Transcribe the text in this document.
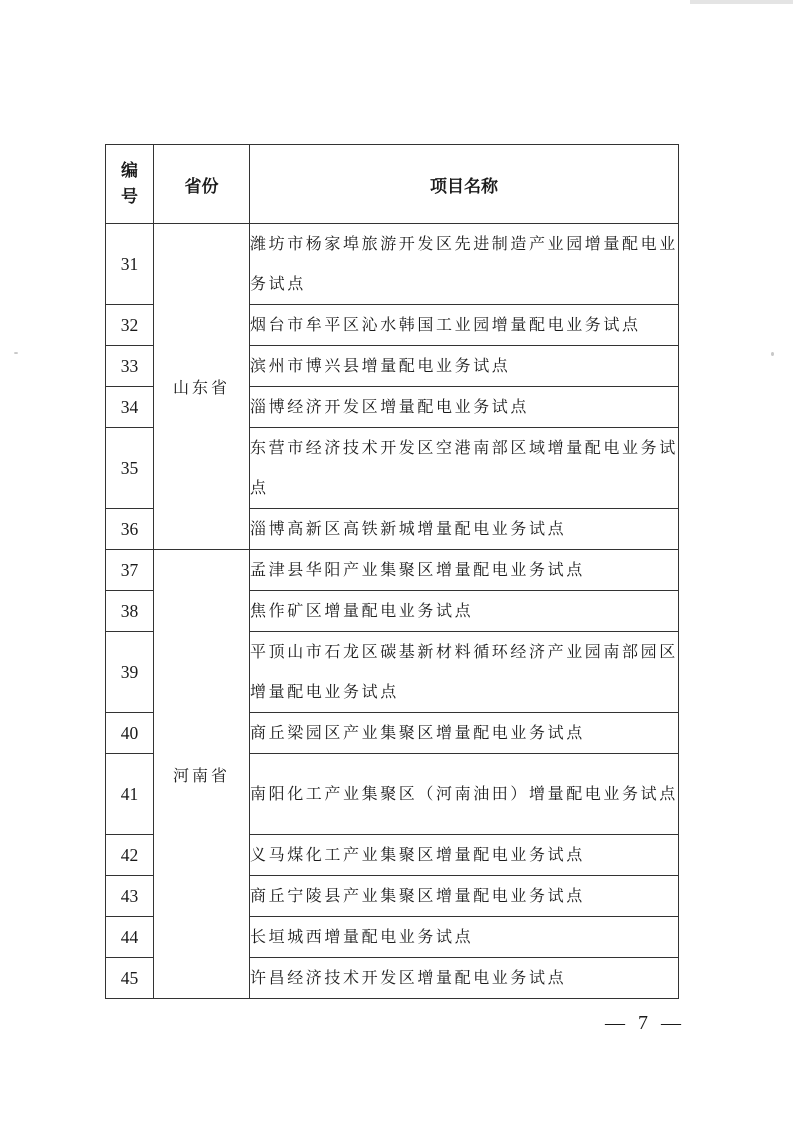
编号	省份	项目名称
31	山东省	潍坊市杨家埠旅游开发区先进制造产业园增量配电业务试点
32		烟台市牟平区沁水韩国工业园增量配电业务试点
33		滨州市博兴县增量配电业务试点
34		淄博经济开发区增量配电业务试点
35		东营市经济技术开发区空港南部区域增量配电业务试点
36		淄博高新区高铁新城增量配电业务试点
37	河南省	孟津县华阳产业集聚区增量配电业务试点
38		焦作矿区增量配电业务试点
39		平顶山市石龙区碳基新材料循环经济产业园南部园区增量配电业务试点
40		商丘梁园区产业集聚区增量配电业务试点
41		南阳化工产业集聚区（河南油田）增量配电业务试点
42		义马煤化工产业集聚区增量配电业务试点
43		商丘宁陵县产业集聚区增量配电业务试点
44		长垣城西增量配电业务试点
45		许昌经济技术开发区增量配电业务试点
— 7 —
